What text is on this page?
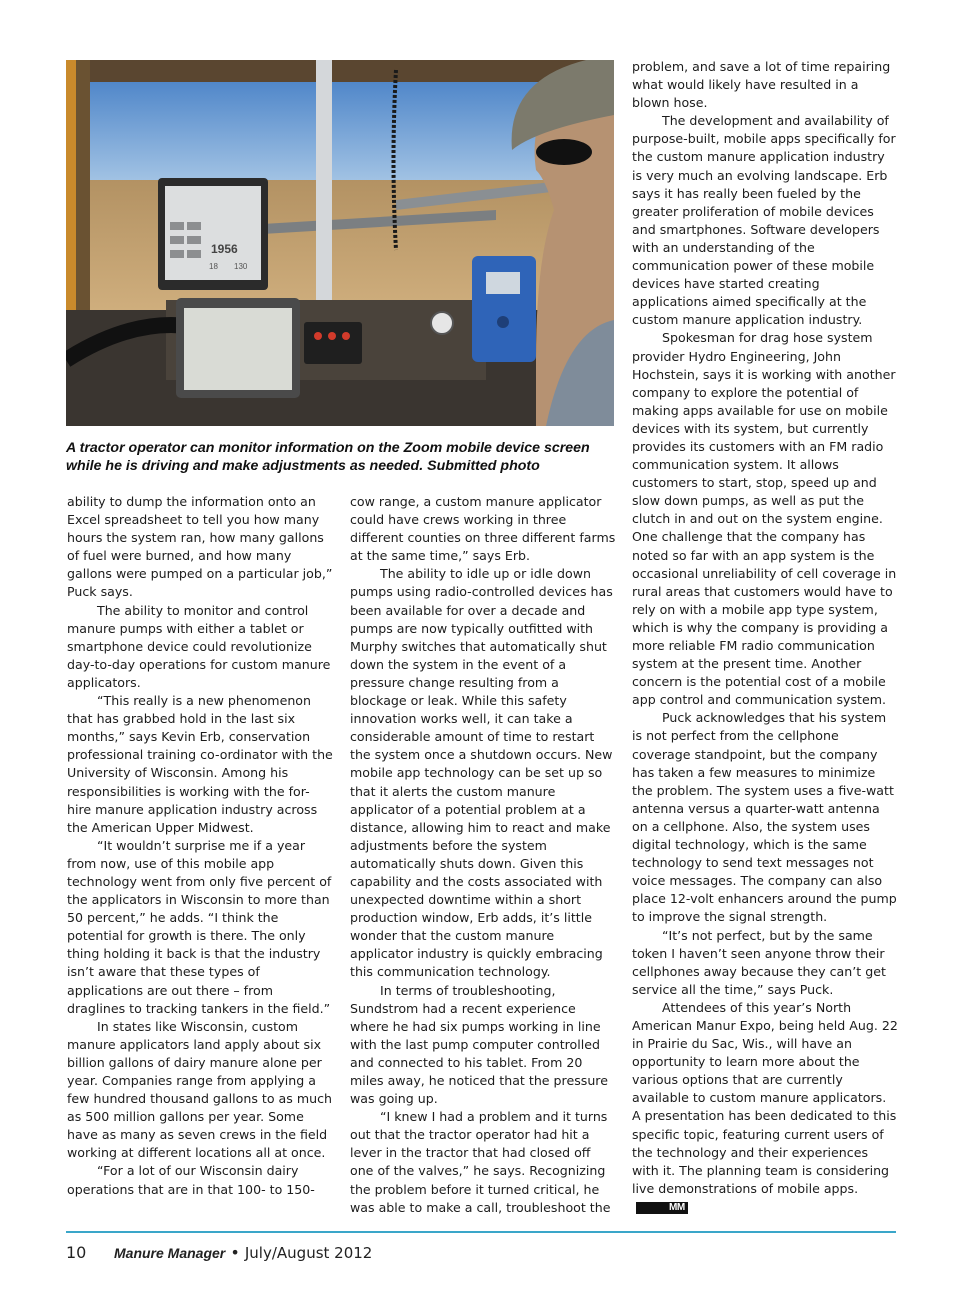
1956
18 130
A tractor operator can monitor information on the Zoom mobile device screen while he is driving and make adjustments as needed. Submitted photo

ability to dump the information onto an Excel spreadsheet to tell you how many hours the system ran, how many gallons of fuel were burned, and how many gallons were pumped on a particular job,” Puck says.

The ability to monitor and control manure pumps with either a tablet or smartphone device could revolutionize day-to-day operations for custom manure applicators.

“This really is a new phenomenon that has grabbed hold in the last six months,” says Kevin Erb, conservation professional training co-ordinator with the University of Wisconsin. Among his responsibilities is working with the for-hire manure application industry across the American Upper Midwest.

“It wouldn’t surprise me if a year from now, use of this mobile app technology went from only five percent of the applicators in Wisconsin to more than 50 percent,” he adds. “I think the potential for growth is there. The only thing holding it back is that the industry isn’t aware that these types of applications are out there – from draglines to tracking tankers in the field.”

In states like Wisconsin, custom manure applicators land apply about six billion gallons of dairy manure alone per year. Companies range from applying a few hundred thousand gallons to as much as 500 million gallons per year. Some have as many as seven crews in the field working at different locations all at once.

“For a lot of our Wisconsin dairy operations that are in that 100- to 150-

cow range, a custom manure applicator could have crews working in three different counties on three different farms at the same time,” says Erb.

The ability to idle up or idle down pumps using radio-controlled devices has been available for over a decade and pumps are now typically outfitted with Murphy switches that automatically shut down the system in the event of a pressure change resulting from a blockage or leak. While this safety innovation works well, it can take a considerable amount of time to restart the system once a shutdown occurs. New mobile app technology can be set up so that it alerts the custom manure applicator of a potential problem at a distance, allowing him to react and make adjustments before the system automatically shuts down. Given this capability and the costs associated with unexpected downtime within a short production window, Erb adds, it’s little wonder that the custom manure applicator industry is quickly embracing this communication technology.

In terms of troubleshooting, Sundstrom had a recent experience where he had six pumps working in line with the last pump computer controlled and connected to his tablet. From 20 miles away, he noticed that the pressure was going up.

“I knew I had a problem and it turns out that the tractor operator had hit a lever in the tractor that had closed off one of the valves,” he says. Recognizing the problem before it turned critical, he was able to make a call, troubleshoot the

problem, and save a lot of time repairing what would likely have resulted in a blown hose.

The development and availability of purpose-built, mobile apps specifically for the custom manure application industry is very much an evolving landscape. Erb says it has really been fueled by the greater proliferation of mobile devices and smartphones. Software developers with an understanding of the communication power of these mobile devices have started creating applications aimed specifically at the custom manure application industry.

Spokesman for drag hose system provider Hydro Engineering, John Hochstein, says it is working with another company to explore the potential of making apps available for use on mobile devices with its system, but currently provides its customers with an FM radio communication system. It allows customers to start, stop, speed up and slow down pumps, as well as put the clutch in and out on the system engine. One challenge that the company has noted so far with an app system is the occasional unreliability of cell coverage in rural areas that customers would have to rely on with a mobile app type system, which is why the company is providing a more reliable FM radio communication system at the present time. Another concern is the potential cost of a mobile app control and communication system.

Puck acknowledges that his system is not perfect from the cellphone coverage standpoint, but the company has taken a few measures to minimize the problem. The system uses a five-watt antenna versus a quarter-watt antenna on a cellphone. Also, the system uses digital technology, which is the same technology to send text messages not voice messages. The company can also place 12-volt enhancers around the pump to improve the signal strength.

“It’s not perfect, but by the same token I haven’t seen anyone throw their cellphones away because they can’t get service all the time,” says Puck.

Attendees of this year’s North American Manur Expo, being held Aug. 22 in Prairie du Sac, Wis., will have an opportunity to learn more about the various options that are currently available to custom manure applicators. A presentation has been dedicated to this specific topic, featuring current users of the technology and their experiences with it. The planning team is considering live demonstrations of mobile apps.MM

10 Manure Manager • July/August 2012
